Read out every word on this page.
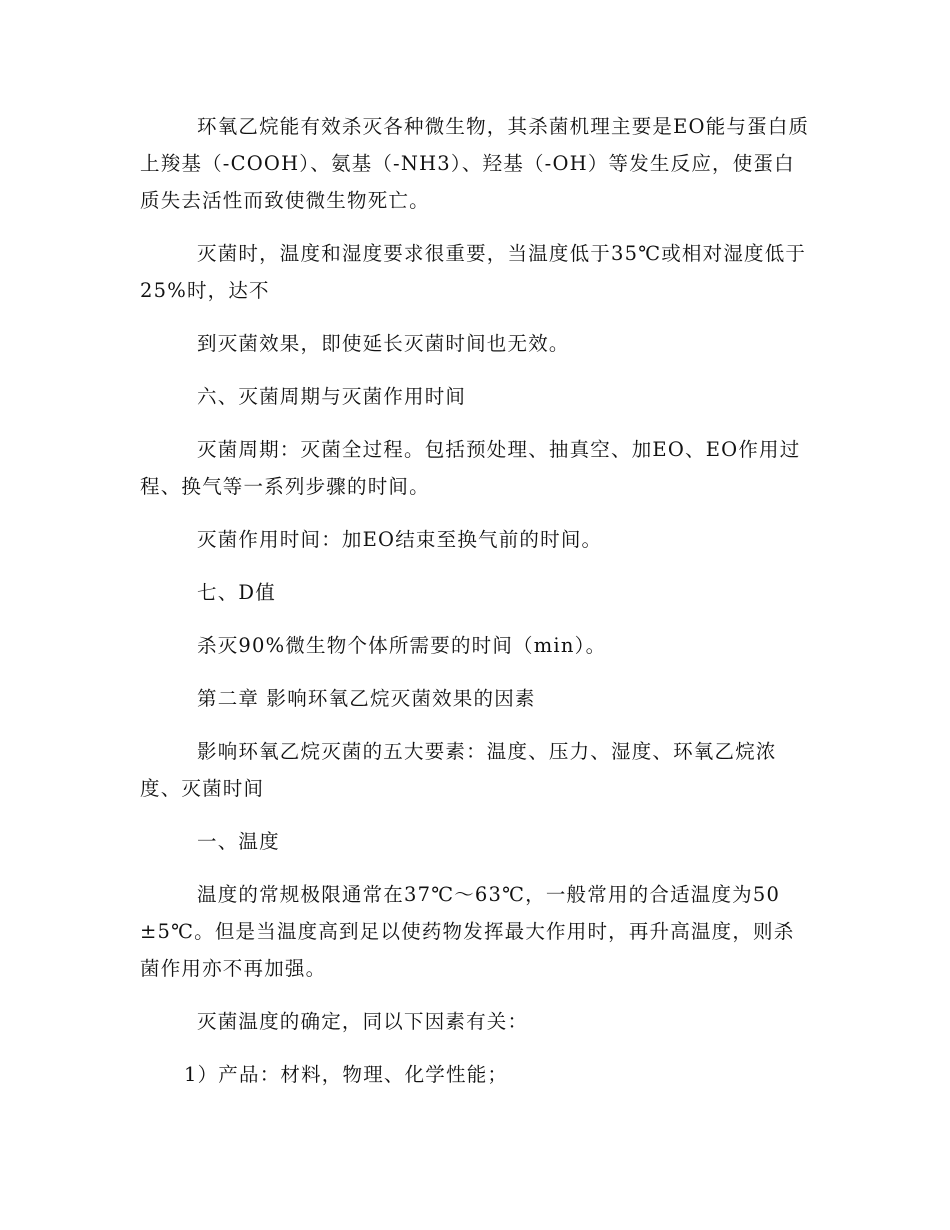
环氧乙烷能有效杀灭各种微生物，其杀菌机理主要是EO能与蛋白质上羧基（-COOH）、氨基（-NH3）、羟基（-OH）等发生反应，使蛋白质失去活性而致使微生物死亡。

灭菌时，温度和湿度要求很重要，当温度低于35℃或相对湿度低于25%时，达不

到灭菌效果，即使延长灭菌时间也无效。

六、灭菌周期与灭菌作用时间

灭菌周期：灭菌全过程。包括预处理、抽真空、加EO、EO作用过程、换气等一系列步骤的时间。

灭菌作用时间：加EO结束至换气前的时间。

七、D值

杀灭90%微生物个体所需要的时间（min）。

第二章 影响环氧乙烷灭菌效果的因素

影响环氧乙烷灭菌的五大要素：温度、压力、湿度、环氧乙烷浓度、灭菌时间

一、温度

温度的常规极限通常在37℃～63℃，一般常用的合适温度为50±5℃。但是当温度高到足以使药物发挥最大作用时，再升高温度，则杀菌作用亦不再加强。

灭菌温度的确定，同以下因素有关：

1）产品：材料，物理、化学性能；
